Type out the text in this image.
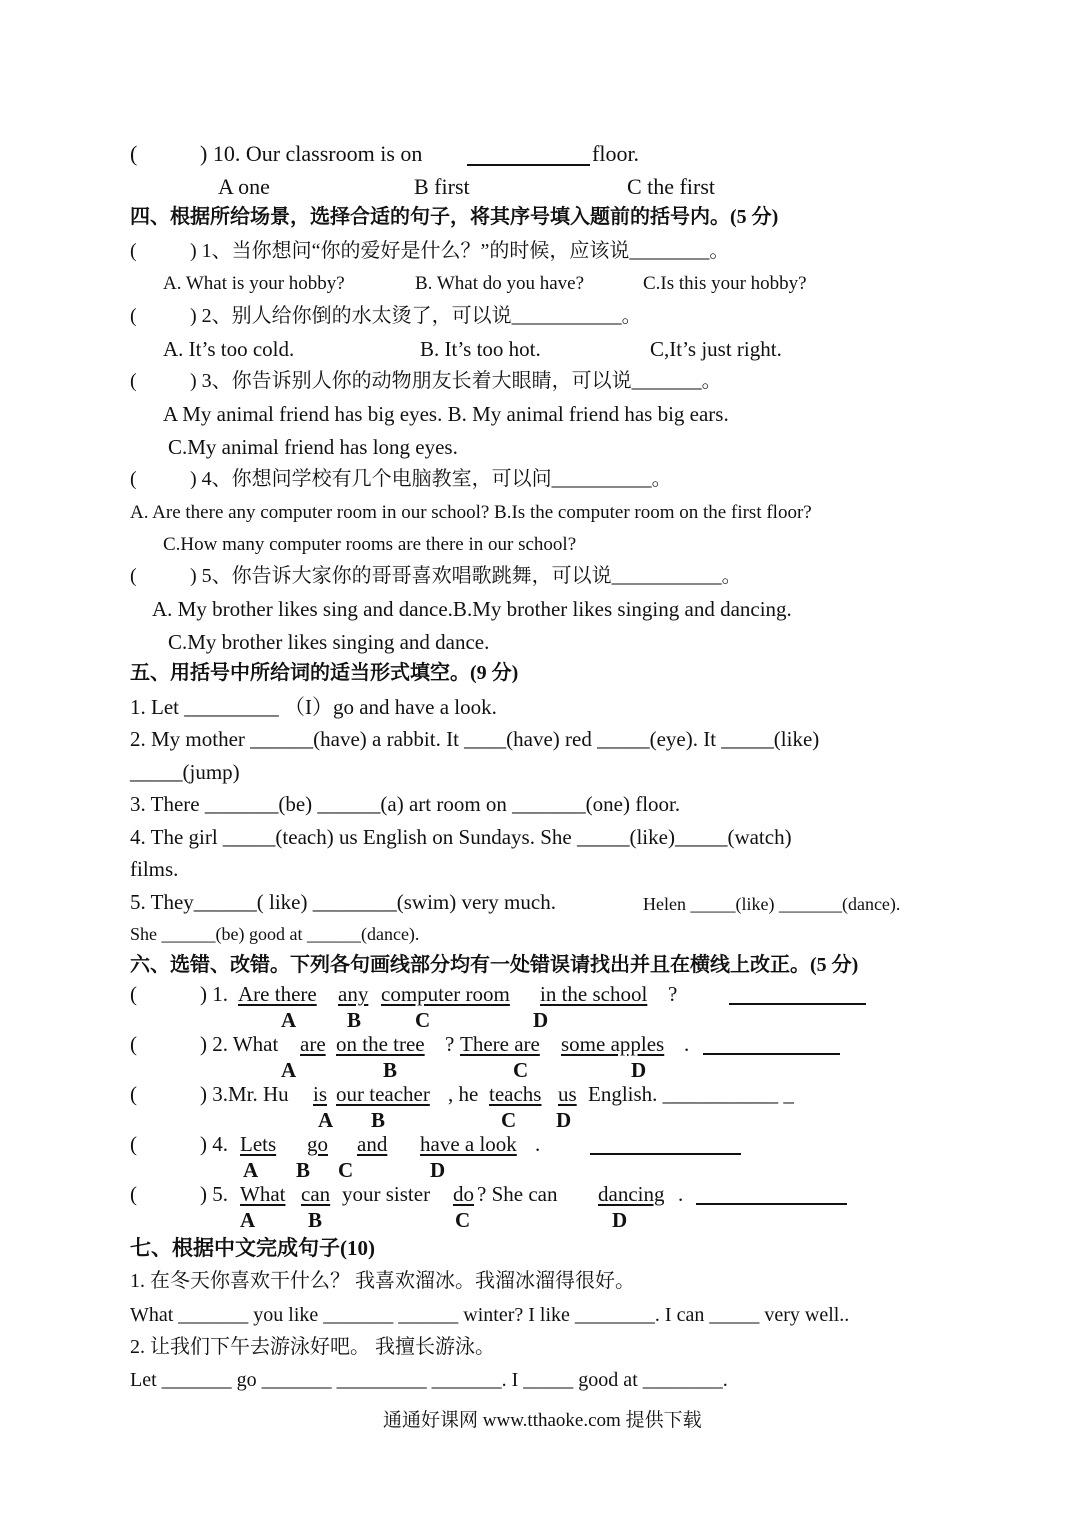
(	) 10. Our classroom is on	floor.
A one	B first	C the first
四、根据所给场景，选择合适的句子，将其序号填入题前的括号内。(5 分)
(	) 1、当你想问“你的爱好是什么？”的时候，应该说________。
A. What is your hobby?	B. What do you have?	C.Is this your hobby?
(	) 2、别人给你倒的水太烫了，可以说___________。
A. It’s too cold.	B. It’s too hot.	C,It’s just right.
(	) 3、你告诉别人你的动物朋友长着大眼睛，可以说_______。
A My animal friend has big eyes. B. My animal friend has big ears.
C.My animal friend has long eyes.
(	) 4、你想问学校有几个电脑教室，可以问__________。
A. Are there any computer room in our school? B.Is the computer room on the first floor?
C.How many computer rooms are there in our school?
(	) 5、你告诉大家你的哥哥喜欢唱歌跳舞，可以说___________。
A. My brother likes sing and dance.B.My brother likes singing and dancing.
C.My brother likes singing and dance.
五、用括号中所给词的适当形式填空。(9 分)
1. Let _________ （I）go and have a look.
2. My mother ______(have) a rabbit. It ____(have) red _____(eye). It _____(like)
_____(jump)
3. There _______(be) ______(a) art room on _______(one) floor.
4. The girl _____(teach) us English on Sundays. She _____(like)_____(watch)
films.
5. They______( like) ________(swim) very much.	Helen _____(like) _______(dance).
She ______(be) good at ______(dance).
六、选错、改错。下列各句画线部分均有一处错误请找出并且在横线上改正。(5 分)
(	) 1. Are there any computer room in the school ?
A B	C	D
(	) 2. What are on the tree ? There are some apples .
A	B	C	D
(	) 3.Mr. Hu is our teacher , he teachs us English. ___________ _
A B	C D
(	) 4. Lets go and have a look .
A B C	D
(	) 5. What can your sister do ? She can dancing .
A	B	C	D
七、根据中文完成句子(10)
1. 在冬天你喜欢干什么？ 我喜欢溜冰。我溜冰溜得很好。
What _______ you like _______ ______ winter? I like ________. I can _____ very well..
2. 让我们下午去游泳好吧。 我擅长游泳。
Let _______ go _______ _________ _______. I _____ good at ________.
通通好课网 www.tthaoke.com 提供下载
